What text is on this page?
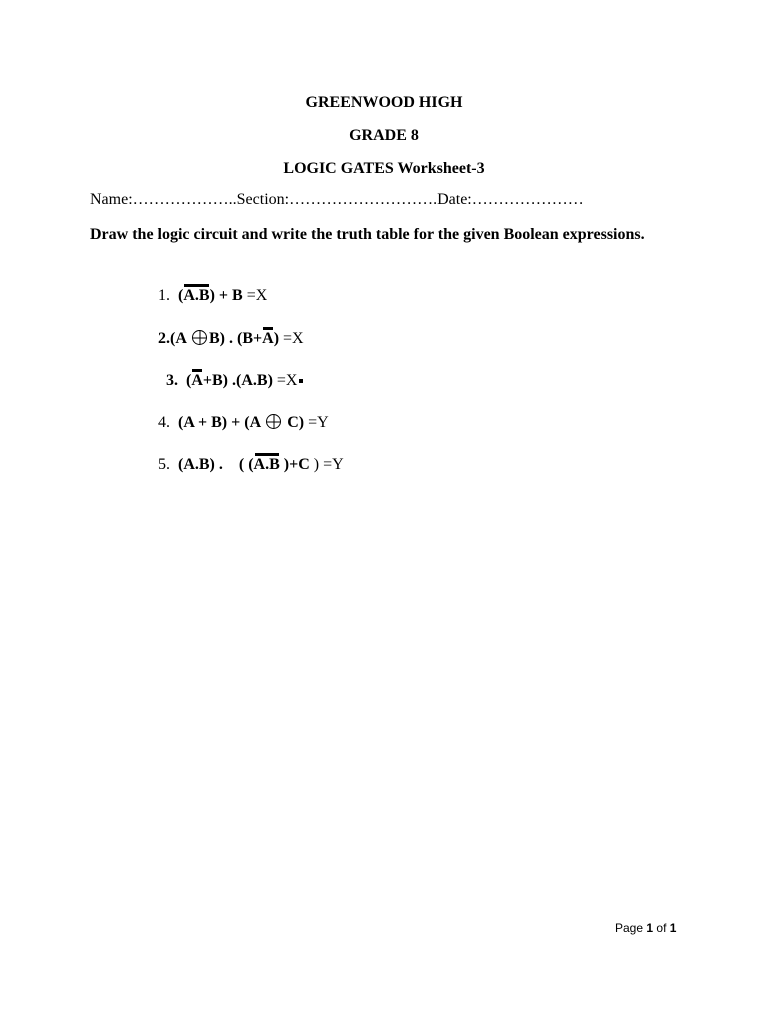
GREENWOOD HIGH
GRADE 8
LOGIC GATES Worksheet-3
Name:………………..Section:……………………….Date:…………………
Draw the logic circuit and write the truth table for the given Boolean expressions.
1. (A.B) + B =X
2.(A B) . (B+A) =X
3. (A+B) .(A.B) =X
4. (A + B) + (A  C) =Y
5. (A.B) . ( (A.B )+C ) =Y
Page 1 of 1
